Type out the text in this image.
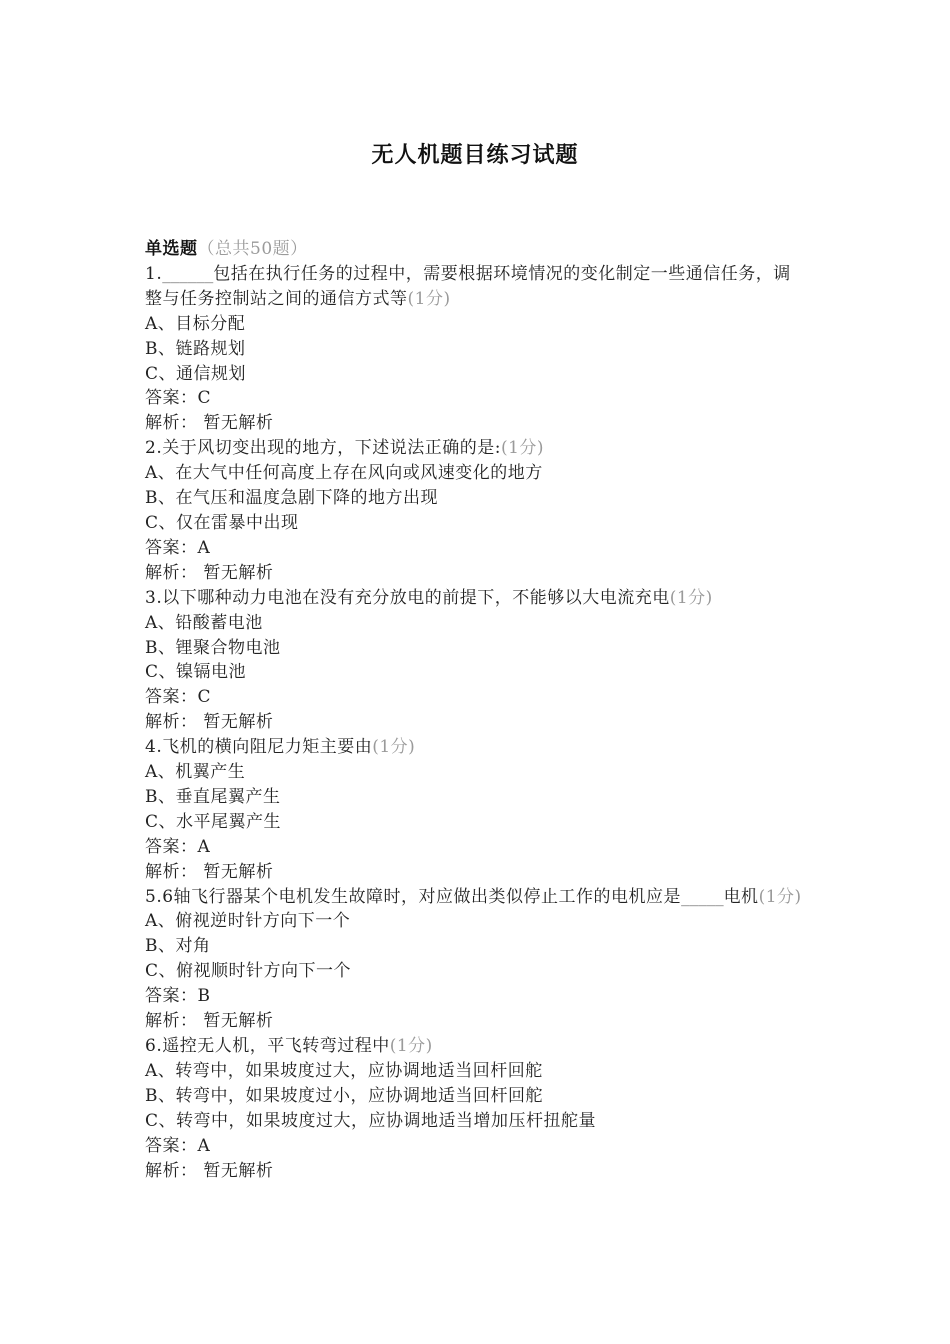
无人机题目练习试题
单选题（总共50题）
1.______包括在执行任务的过程中，需要根据环境情况的变化制定一些通信任务，调整与任务控制站之间的通信方式等(1分)
A、目标分配
B、链路规划
C、通信规划
答案：C
解析： 暂无解析
2.关于风切变出现的地方，下述说法正确的是:(1分)
A、在大气中任何高度上存在风向或风速变化的地方
B、在气压和温度急剧下降的地方出现
C、仅在雷暴中出现
答案：A
解析： 暂无解析
3.以下哪种动力电池在没有充分放电的前提下，不能够以大电流充电(1分)
A、铅酸蓄电池
B、锂聚合物电池
C、镍镉电池
答案：C
解析： 暂无解析
4.飞机的横向阻尼力矩主要由(1分)
A、机翼产生
B、垂直尾翼产生
C、水平尾翼产生
答案：A
解析： 暂无解析
5.6轴飞行器某个电机发生故障时，对应做出类似停止工作的电机应是_____电机(1分)
A、俯视逆时针方向下一个
B、对角
C、俯视顺时针方向下一个
答案：B
解析： 暂无解析
6.遥控无人机，平飞转弯过程中(1分)
A、转弯中，如果坡度过大，应协调地适当回杆回舵
B、转弯中，如果坡度过小，应协调地适当回杆回舵
C、转弯中，如果坡度过大，应协调地适当增加压杆扭舵量
答案：A
解析： 暂无解析
